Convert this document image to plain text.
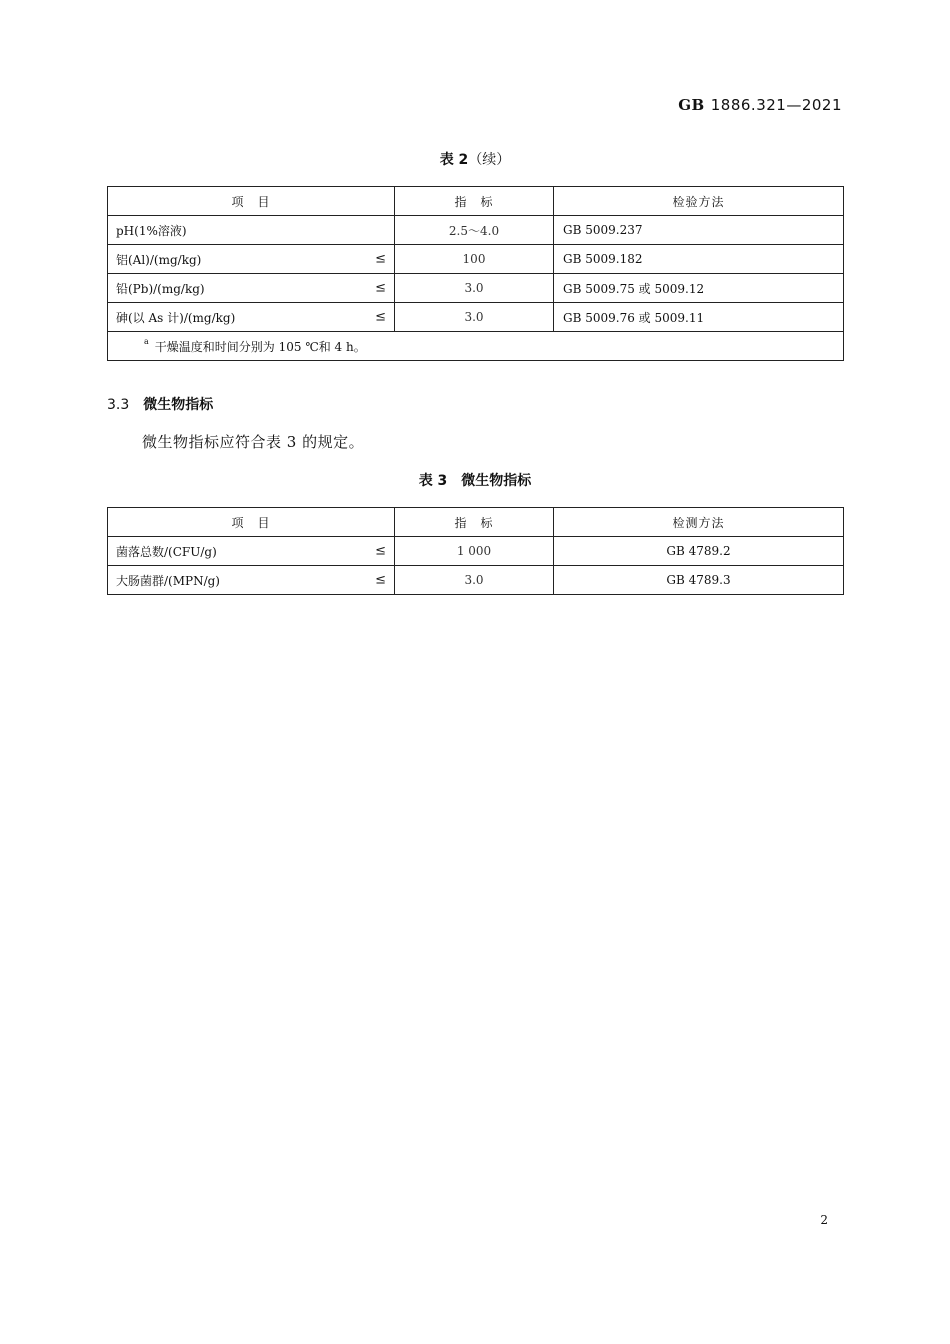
GB 1886.321—2021
表 2（续）
项　目	指　标	检验方法
pH(1%溶液)	2.5～4.0	GB 5009.237
铝(Al)/(mg/kg) ≤	100	GB 5009.182
铅(Pb)/(mg/kg) ≤	3.0	GB 5009.75 或 5009.12
砷(以 As 计)/(mg/kg) ≤	3.0	GB 5009.76 或 5009.11
$^a$ 干燥温度和时间分别为 105 ℃和 4 h。		
3.3 微生物指标
微生物指标应符合表 3 的规定。
表 3　微生物指标
项　目	指　标	检测方法
菌落总数/(CFU/g) ≤	1 000	GB 4789.2
大肠菌群/(MPN/g) ≤	3.0	GB 4789.3
2
